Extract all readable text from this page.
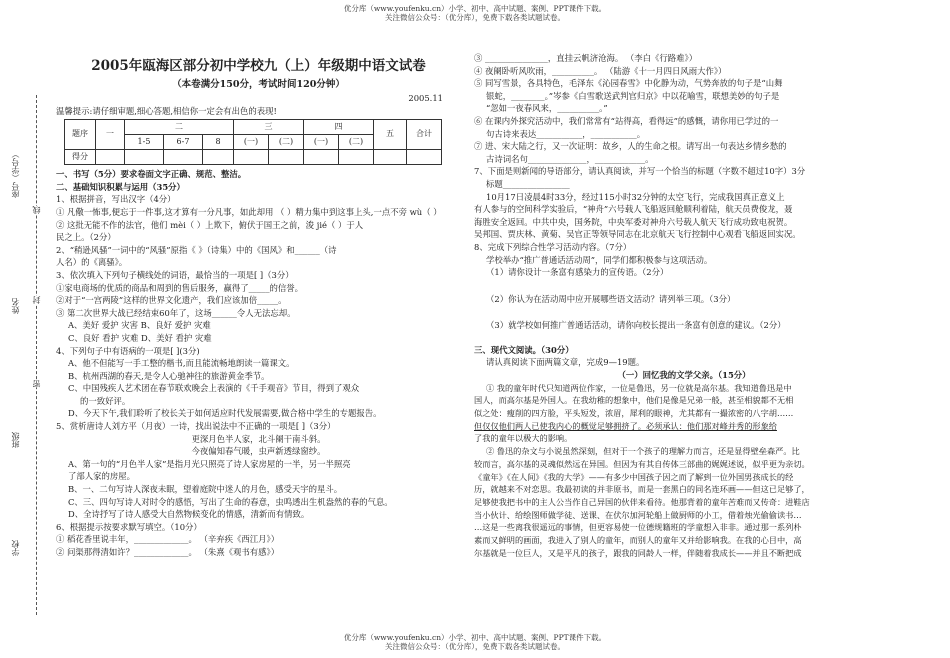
优分库（www.youfenku.cn）小学、初中、高中试题、案例、PPT课件下载。
关注微信公众号：（优分库），免费下载各类试题试卷。
座号（学号）
线
姓名 封
班级
密
学校

2005年瓯海区部分初中学校九（上）年级期中语文试卷

（本卷满分150分，考试时间120分钟）

2005.11

温馨提示:请仔细审题,细心答题,相信你一定会有出色的表现!

题序	一	二			三		四		五	合计
		1-5	6-7	8	(一)	(二)	(一)	(二)		
得分										

一、书写（5分）要求卷面文字正确、规范、整洁。

二、基础知识积累与运用（35分）

1、根据拼音，写出汉字（4分）

① 凡儆一怖事,便忘于一件事,这才算有一分凡事，如此却用 （ ）精力集中到这事上头,一点不旁 wù（ ）

② 这批无能不作的法官，他们 mèi（ ）上欺下，俯伏于国王之前，浚 jié（ ）于人

民之上。（2分）

2、“稍逊风骚”一词中的“风骚”原指《 》（诗集）中的《国风》和______（诗

人名）的《离骚》。

3、依次填入下列句子横线处的词语，最恰当的一项是[ ]（3分）

①家电商场的优质的商品和周到的售后服务，赢得了_____的信誉。

②对于“一宫两陵”这样的世界文化遗产，我们应该加倍_____。

③ 第二次世界大战已经结束60年了，这场______令人无法忘却。

A、美好 爱护 灾害 B、良好 爱护 灾难

C、良好 看护 灾难 D、美好 看护 灾难

4、下列句子中有语病的一项是[ ](3分)

A、他不但能写一手工整的楷书,而且能流畅地朗读一篇课文。

B、杭州西湖的春天,是令人心驰神往的旅游黄金季节。

C、中国残疾人艺术团在春节联欢晚会上表演的《千手观音》节目，得到了观众

的一致好评。

D、今天下午,我们聆听了校长关于如何适应时代发展需要,做合格中学生的专题报告。

5、赏析唐诗人刘方平（月夜）一诗，找出说法中不正确的一项是[ ]（3分）

更深月色半人家，北斗阑干南斗斜。

今夜偏知春气暖，虫声新透绿窗纱。

A、第一句的“月色半人家”是指月光只照亮了诗人家房屋的一半，另一半照亮

了部人家的房屋。

B、一、二句写诗人深夜未眠，望着庭院中迷人的月色，感受天宇的星斗。

C、三、四句写诗人对时令的感悟，写出了生命的春意，虫鸣透出生机盎然的春的气息。

D、全诗抒写了诗人感受大自然物候变化的情感，清新而有情致。

6、根据提示按要求默写填空。（10分）

① 稻花香里说丰年，_____________。 （辛弃疾《西江月》）

② 问渠那得清如许？_____________。 （朱熹《观书有感》）

③ _______________，直挂云帆济沧海。 （李白《行路难》）

④ 夜阑卧听风吹雨，__________。 （陆游《十一月四日风雨大作》）

⑤ 同写雪景，各具特色，毛泽东《沁园春雪》中化静为动，气势奔放的句子是“山舞

银蛇，________。”岑参《白雪歌送武判官归京》中以花喻雪，联想美妙的句子是

“忽如一夜春风来，__________。”

⑥ 在课内外探究活动中，我们常常有“站得高，看得远”的感慨，请你用已学过的一

句古诗来表达___________，___________。

⑦ 进、宋大陆之行，又一次证明：故乡，人的生命之根。请写出一句表达乡情乡愁的

古诗词名句______________，____________。

7、下面是则新闻的导语部分，请认真阅读，并写一个恰当的标题（字数不超过10字）3分

标题________________

10月17日凌晨4时33分，经过115小时32分钟的太空飞行，完成我国真正意义上

有人参与的空间科学实验后，“神舟”六号载人飞船返回舱顺利着陆，航天员费俊龙，聂

海胜安全返回。中共中央，国务院，中央军委对神舟六号载人航天飞行成功致电祝贺。

吴邦国、贾庆林、黄菊、吴官正等领导同志在北京航天飞行控制中心观看飞船返回实况。

8、完成下列综合性学习活动内容。（7分）

学校举办“推广普通话活动周”，同学们都积极参与这项活动。

（1）请你设计一条富有感染力的宣传语。（2分）

（2）你认为在活动周中应开展哪些语文活动？请列举三项。（3分）

（3）就学校如何推广普通话活动，请你向校长提出一条富有创意的建议。（2分）

三、现代文阅读。（30分）

请认真阅读下面两篇文章，完成9—19题。

（一）回忆我的文学父亲。（15分）

① 我的童年时代只知道两位作家，一位是鲁迅，另一位就是高尔基。我知道鲁迅是中

国人，而高尔基是外国人。在我幼稚的想象中，他们是像是兄弟一般，甚至相貌都不无相

似之处：瘦削的四方脸，平头短发，浓眉，犀利的眼神，尤其都有一撮浓密的八字胡……

但仅仅他们两人已使我内心的概觉足够拥挤了。必须承认：他们那对峰并秀的形象给

了我的童年以极大的影响。

② 鲁迅的杂文与小说虽然深刻，但对于一个孩子的理解力而言，还是显得壁垒森严。比

较而言，高尔基的灵魂似然远在异国。但因为有其自传体三部曲的娓娓述说，似乎更为亲切。

《童年》《在人间》《我的大学》——有多少中国孩子因之而了解到一位外国男孩成长的经

历，就越来不对恋思。我最初读的并非原书，而是一套黑白的同名连环画——但这已足够了，

足够使我把书中的主人公当作自己异国的伙伴来看待。他那背着的童年苦难而又传奇：进鞋店

当小伙计、给绘图师做学徒、送课、在伏尔加河轮船上做厨师的小工，借着烛光偷偷读书…

…这是一些离我很遥远的事情，但更容易使一位德规籍班的学童想入非非。通过那一系列朴

素而又鲜明的画面，我进入了别人的童年，而别人的童年又并给影响我。在我的心目中，高

尔基就是一位巨人，又是平凡的孩子，跟我的同龄人一样，伴随着我成长——并且不断把成

优分库（www.youfenku.cn）小学、初中、高中试题、案例、PPT课件下载。
关注微信公众号：（优分库），免费下载各类试题试卷。
